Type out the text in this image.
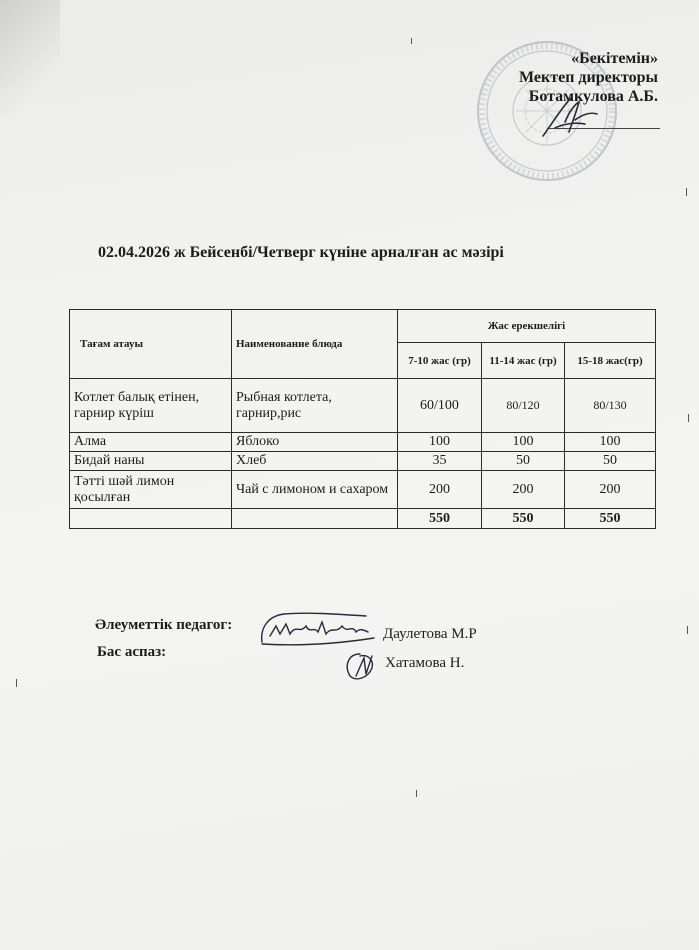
«Бекітемін»
Мектеп директоры
Ботамкулова А.Б.
02.04.2026 ж Бейсенбі/Четверг күніне арналған ас мәзірі
Тағам атауы	Наименование блюда	Жас ерекшелігі		
		7-10 жас (гр)	11-14 жас (гр)	15-18 жас(гр)
Котлет балық етінен, гарнир күріш	Рыбная котлета, гарнир,рис	60/100	80/120	80/130
Алма	Яблоко	100	100	100
Бидай наны	Хлеб	35	50	50
Тәтті шәй лимон қосылған	Чай с лимоном и сахаром	200	200	200
		550	550	550
Әлеуметтік педагог:
Даулетова М.Р
Бас аспаз:
Хатамова Н.
